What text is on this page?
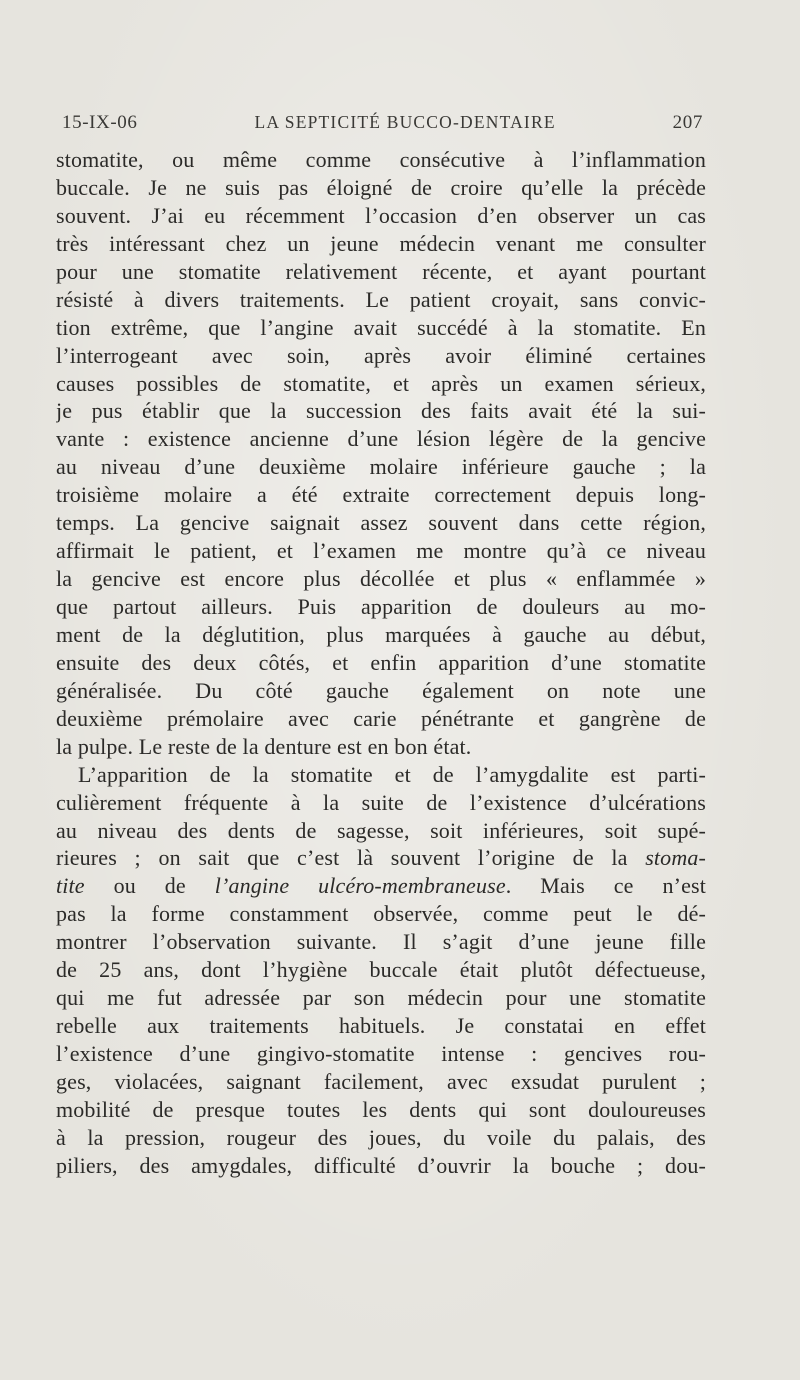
15-IX-06	LA SEPTICITÉ BUCCO-DENTAIRE	207
stomatite, ou même comme consécutive à l’inflammation
buccale. Je ne suis pas éloigné de croire qu’elle la précède
souvent. J’ai eu récemment l’occasion d’en observer un cas
très intéressant chez un jeune médecin venant me consulter
pour une stomatite relativement récente, et ayant pourtant
résisté à divers traitements. Le patient croyait, sans convic-
tion extrême, que l’angine avait succédé à la stomatite. En
l’interrogeant avec soin, après avoir éliminé certaines
causes possibles de stomatite, et après un examen sérieux,
je pus établir que la succession des faits avait été la sui-
vante : existence ancienne d’une lésion légère de la gencive
au niveau d’une deuxième molaire inférieure gauche ; la
troisième molaire a été extraite correctement depuis long-
temps. La gencive saignait assez souvent dans cette région,
affirmait le patient, et l’examen me montre qu’à ce niveau
la gencive est encore plus décollée et plus « enflammée »
que partout ailleurs. Puis apparition de douleurs au mo-
ment de la déglutition, plus marquées à gauche au début,
ensuite des deux côtés, et enfin apparition d’une stomatite
généralisée. Du côté gauche également on note une
deuxième prémolaire avec carie pénétrante et gangrène de
la pulpe. Le reste de la denture est en bon état.
L’apparition de la stomatite et de l’amygdalite est parti-
culièrement fréquente à la suite de l’existence d’ulcérations
au niveau des dents de sagesse, soit inférieures, soit supé-
rieures ; on sait que c’est là souvent l’origine de la stoma-
tite ou de l’angine ulcéro-membraneuse. Mais ce n’est
pas la forme constamment observée, comme peut le dé-
montrer l’observation suivante. Il s’agit d’une jeune fille
de 25 ans, dont l’hygiène buccale était plutôt défectueuse,
qui me fut adressée par son médecin pour une stomatite
rebelle aux traitements habituels. Je constatai en effet
l’existence d’une gingivo-stomatite intense : gencives rou-
ges, violacées, saignant facilement, avec exsudat purulent ;
mobilité de presque toutes les dents qui sont douloureuses
à la pression, rougeur des joues, du voile du palais, des
piliers, des amygdales, difficulté d’ouvrir la bouche ; dou-
